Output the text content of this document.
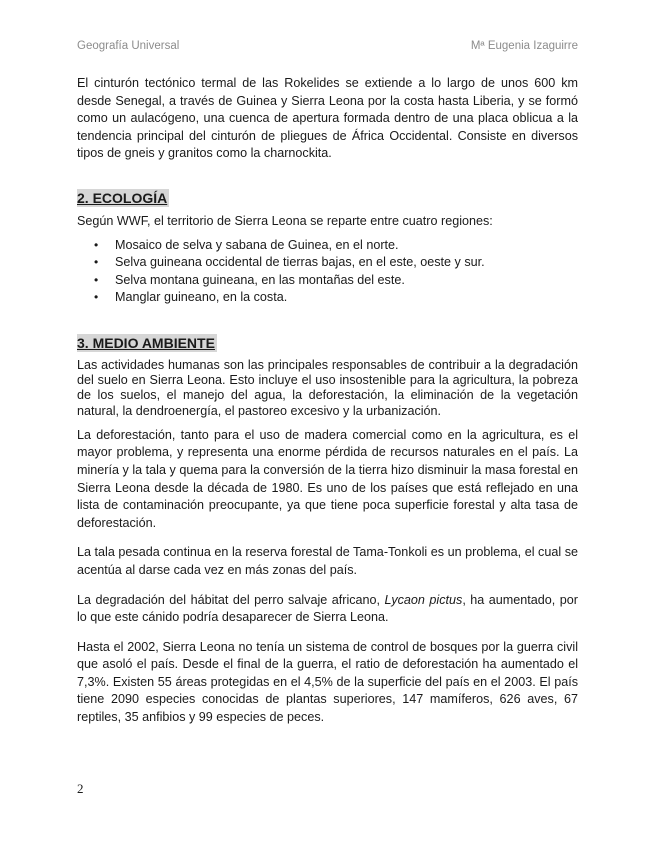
Geografía Universal	Mª Eugenia Izaguirre

El cinturón tectónico termal de las Rokelides se extiende a lo largo de unos 600 km desde Senegal, a través de Guinea y Sierra Leona por la costa hasta Liberia, y se formó como un aulacógeno, una cuenca de apertura formada dentro de una placa oblicua a la tendencia principal del cinturón de pliegues de África Occidental. Consiste en diversos tipos de gneis y granitos como la charnockita.

2. ECOLOGÍA

Según WWF, el territorio de Sierra Leona se reparte entre cuatro regiones:

• Mosaico de selva y sabana de Guinea, en el norte.
• Selva guineana occidental de tierras bajas, en el este, oeste y sur.
• Selva montana guineana, en las montañas del este.
• Manglar guineano, en la costa.
3. MEDIO AMBIENTE

Las actividades humanas son las principales responsables de contribuir a la degradación del suelo en Sierra Leona. Esto incluye el uso insostenible para la agricultura, la pobreza de los suelos, el manejo del agua, la deforestación, la eliminación de la vegetación natural, la dendroenergía, el pastoreo excesivo y la urbanización.

La deforestación, tanto para el uso de madera comercial como en la agricultura, es el mayor problema, y representa una enorme pérdida de recursos naturales en el país. La minería y la tala y quema para la conversión de la tierra hizo disminuir la masa forestal en Sierra Leona desde la década de 1980. Es uno de los países que está reflejado en una lista de contaminación preocupante, ya que tiene poca superficie forestal y alta tasa de deforestación.

La tala pesada continua en la reserva forestal de Tama-Tonkoli es un problema, el cual se acentúa al darse cada vez en más zonas del país.

La degradación del hábitat del perro salvaje africano, Lycaon pictus, ha aumentado, por lo que este cánido podría desaparecer de Sierra Leona.

Hasta el 2002, Sierra Leona no tenía un sistema de control de bosques por la guerra civil que asoló el país. Desde el final de la guerra, el ratio de deforestación ha aumentado el 7,3%. Existen 55 áreas protegidas en el 4,5% de la superficie del país en el 2003. El país tiene 2090 especies conocidas de plantas superiores, 147 mamíferos, 626 aves, 67 reptiles, 35 anfibios y 99 especies de peces.

2
